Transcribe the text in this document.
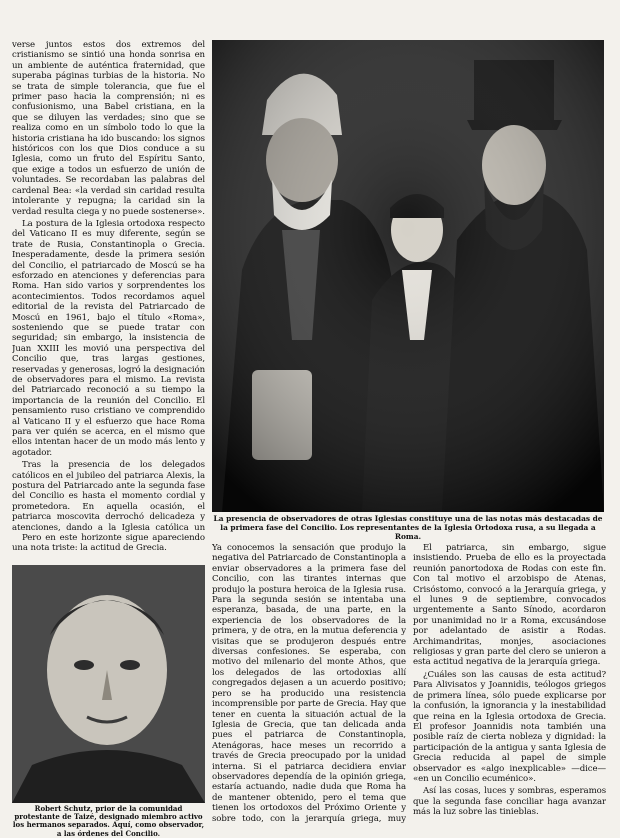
verse juntos estos dos extremos del cristianismo se sintió una honda sonrisa en un ambiente de auténtica fraternidad, que superaba páginas turbias de la historia. No se trata de simple tolerancia, que fue el primer paso hacia la comprensión; ni es confusionismo, una Babel cristiana, en la que se diluyen las verdades; sino que se realiza como en un símbolo todo lo que la historia cristiana ha ido buscando: los signos históricos con los que Dios conduce a su Iglesia, como un fruto del Espíritu Santo, que exige a todos un esfuerzo de unión de voluntades. Se recordaban las palabras del cardenal Bea: «la verdad sin caridad resulta intolerante y repugna; la caridad sin la verdad resulta ciega y no puede sostenerse».

La postura de la Iglesia ortodoxa respecto del Vaticano II es muy diferente, según se trate de Rusia, Constantinopla o Grecia. Inesperadamente, desde la primera sesión del Concilio, el patriarcado de Moscú se ha esforzado en atenciones y deferencias para Roma. Han sido varios y sorprendentes los acontecimientos. Todos recordamos aquel editorial de la revista del Patriarcado de Moscú en 1961, bajo el título «Roma», sosteniendo que se puede tratar con seguridad; sin embargo, la insistencia de Juan XXIII les movió una perspectiva del Concilio que, tras largas gestiones, reservadas y generosas, logró la designación de observadores para el mismo. La revista del Patriarcado reconoció a su tiempo la importancia de la reunión del Concilio. El pensamiento ruso cristiano ve comprendido al Vaticano II y el esfuerzo que hace Roma para ver quién se acerca, en el mismo que ellos intentan hacer de un modo más lento y agotador.

Tras la presencia de los delegados católicos en el jubileo del patriarca Alexis, la postura del Patriarcado ante la segunda fase del Concilio es hasta el momento cordial y prometedora. En aquella ocasión, el patriarca moscovita derrochó delicadeza y atenciones, dando a la Iglesia católica un

Pero en este horizonte sigue apareciendo una nota triste: la actitud de Grecia.

La presencia de observadores de otras Iglesias constituye una de las notas más destacadas de la primera fase del Concilio. Los representantes de la Iglesia Ortodoxa rusa, a su llegada a Roma.

Ya conocemos la sensación que produjo la negativa del Patriarcado de Constantinopla a enviar observadores a la primera fase del Concilio, con las tirantes internas que produjo la postura heroica de la Iglesia rusa. Para la segunda sesión se intentaba una esperanza, basada, de una parte, en la experiencia de los observadores de la primera, y de otra, en la mutua deferencia y visitas que se produjeron después entre diversas confesiones. Se esperaba, con motivo del milenario del monte Athos, que los delegados de las ortodoxias allí congregados dejasen a un acuerdo positivo; pero se ha producido una resistencia incomprensible por parte de Grecia. Hay que tener en cuenta la situación actual de la Iglesia de Grecia, que tan delicada anda pues el patriarca de Constantinopla, Atenágoras, hace meses un recorrido a través de Grecia preocupado por la unidad interna. Si el patriarca decidiera enviar observadores dependía de la opinión griega, estaría actuando, nadie duda que Roma ha de mantener obtenido, pero el tema que tienen los ortodoxos del Próximo Oriente y sobre todo, con la jerarquía griega, muy

El patriarca, sin embargo, sigue insistiendo. Prueba de ello es la proyectada reunión panortodoxa de Rodas con este fin. Con tal motivo el arzobispo de Atenas, Crisóstomo, convocó a la Jerarquía griega, y el lunes 9 de septiembre, convocados urgentemente a Santo Sínodo, acordaron por unanimidad no ir a Roma, excusándose por adelantado de asistir a Rodas. Archimandritas, monjes, asociaciones religiosas y gran parte del clero se unieron a esta actitud negativa de la jerarquía griega.

¿Cuáles son las causas de esta actitud? Para Alivisatos y Joannidis, teólogos griegos de primera línea, sólo puede explicarse por la confusión, la ignorancia y la inestabilidad que reina en la Iglesia ortodoxa de Grecia. El profesor Joannidis nota también una posible raíz de cierta nobleza y dignidad: la participación de la antigua y santa Iglesia de Grecia reducida al papel de simple observador es «algo inexplicable» —dice— «en un Concilio ecuménico».

Así las cosas, luces y sombras, esperamos que la segunda fase conciliar haga avanzar más la luz sobre las tinieblas.

Robert Schutz, prior de la comunidad protestante de Taizé, designado miembro activo los hermanos separados. Aquí, como observador, a las órdenes del Concilio.
